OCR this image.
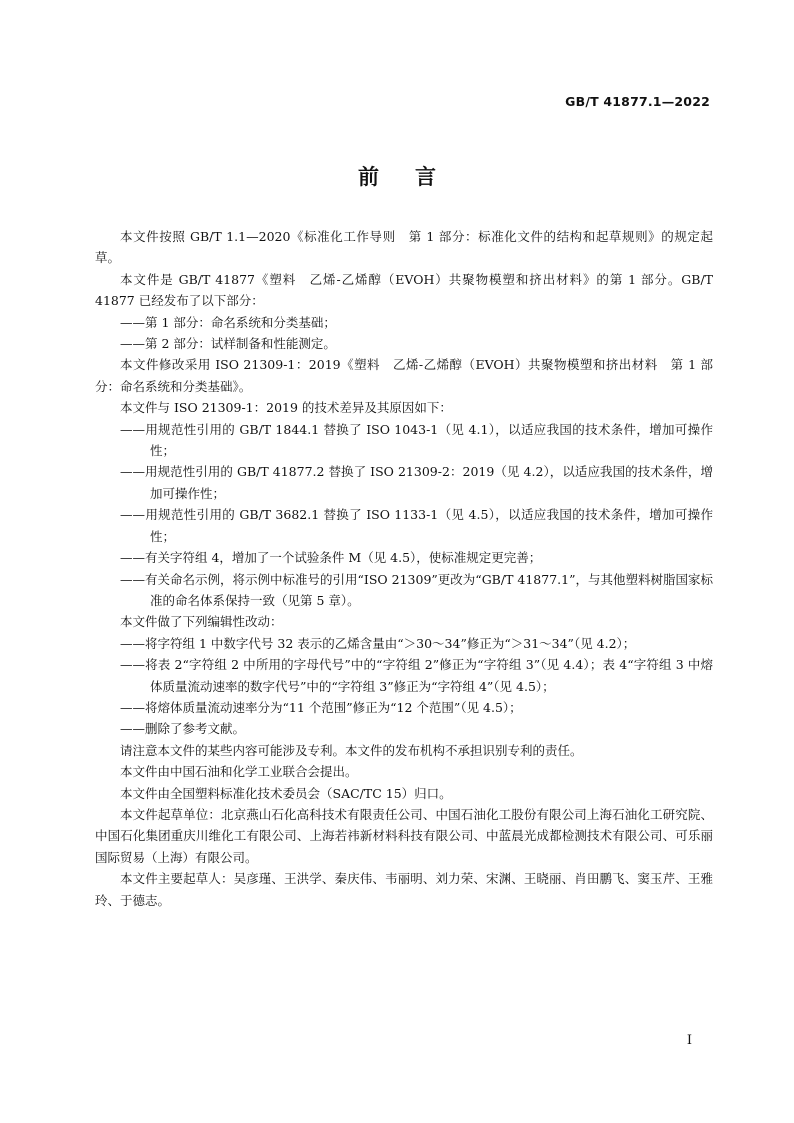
GB/T 41877.1—2022
前言

本文件按照 GB/T 1.1—2020《标准化工作导则　第 1 部分：标准化文件的结构和起草规则》的规定起草。

本文件是 GB/T 41877《塑料　乙烯-乙烯醇（EVOH）共聚物模塑和挤出材料》的第 1 部分。GB/T 41877 已经发布了以下部分：

——第 1 部分：命名系统和分类基础；

——第 2 部分：试样制备和性能测定。

本文件修改采用 ISO 21309-1：2019《塑料　乙烯-乙烯醇（EVOH）共聚物模塑和挤出材料　第 1 部分：命名系统和分类基础》。

本文件与 ISO 21309-1：2019 的技术差异及其原因如下：

——用规范性引用的 GB/T 1844.1 替换了 ISO 1043-1（见 4.1），以适应我国的技术条件，增加可操作性；

——用规范性引用的 GB/T 41877.2 替换了 ISO 21309-2：2019（见 4.2），以适应我国的技术条件，增加可操作性；

——用规范性引用的 GB/T 3682.1 替换了 ISO 1133-1（见 4.5），以适应我国的技术条件，增加可操作性；

——有关字符组 4，增加了一个试验条件 M（见 4.5），使标准规定更完善；

——有关命名示例，将示例中标准号的引用“ISO 21309”更改为“GB/T 41877.1”，与其他塑料树脂国家标准的命名体系保持一致（见第 5 章）。

本文件做了下列编辑性改动：

——将字符组 1 中数字代号 32 表示的乙烯含量由“＞30～34”修正为“＞31～34”（见 4.2）；

——将表 2“字符组 2 中所用的字母代号”中的“字符组 2”修正为“字符组 3”（见 4.4）；表 4“字符组 3 中熔体质量流动速率的数字代号”中的“字符组 3”修正为“字符组 4”（见 4.5）；

——将熔体质量流动速率分为“11 个范围”修正为“12 个范围”（见 4.5）；

——删除了参考文献。

请注意本文件的某些内容可能涉及专利。本文件的发布机构不承担识别专利的责任。

本文件由中国石油和化学工业联合会提出。

本文件由全国塑料标准化技术委员会（SAC/TC 15）归口。

本文件起草单位：北京燕山石化高科技术有限责任公司、中国石油化工股份有限公司上海石油化工研究院、中国石化集团重庆川维化工有限公司、上海若祎新材料科技有限公司、中蓝晨光成都检测技术有限公司、可乐丽国际贸易（上海）有限公司。

本文件主要起草人：吴彦瑾、王洪学、秦庆伟、韦丽明、刘力荣、宋渊、王晓丽、肖田鹏飞、窦玉芹、王雅玲、于德志。

I
